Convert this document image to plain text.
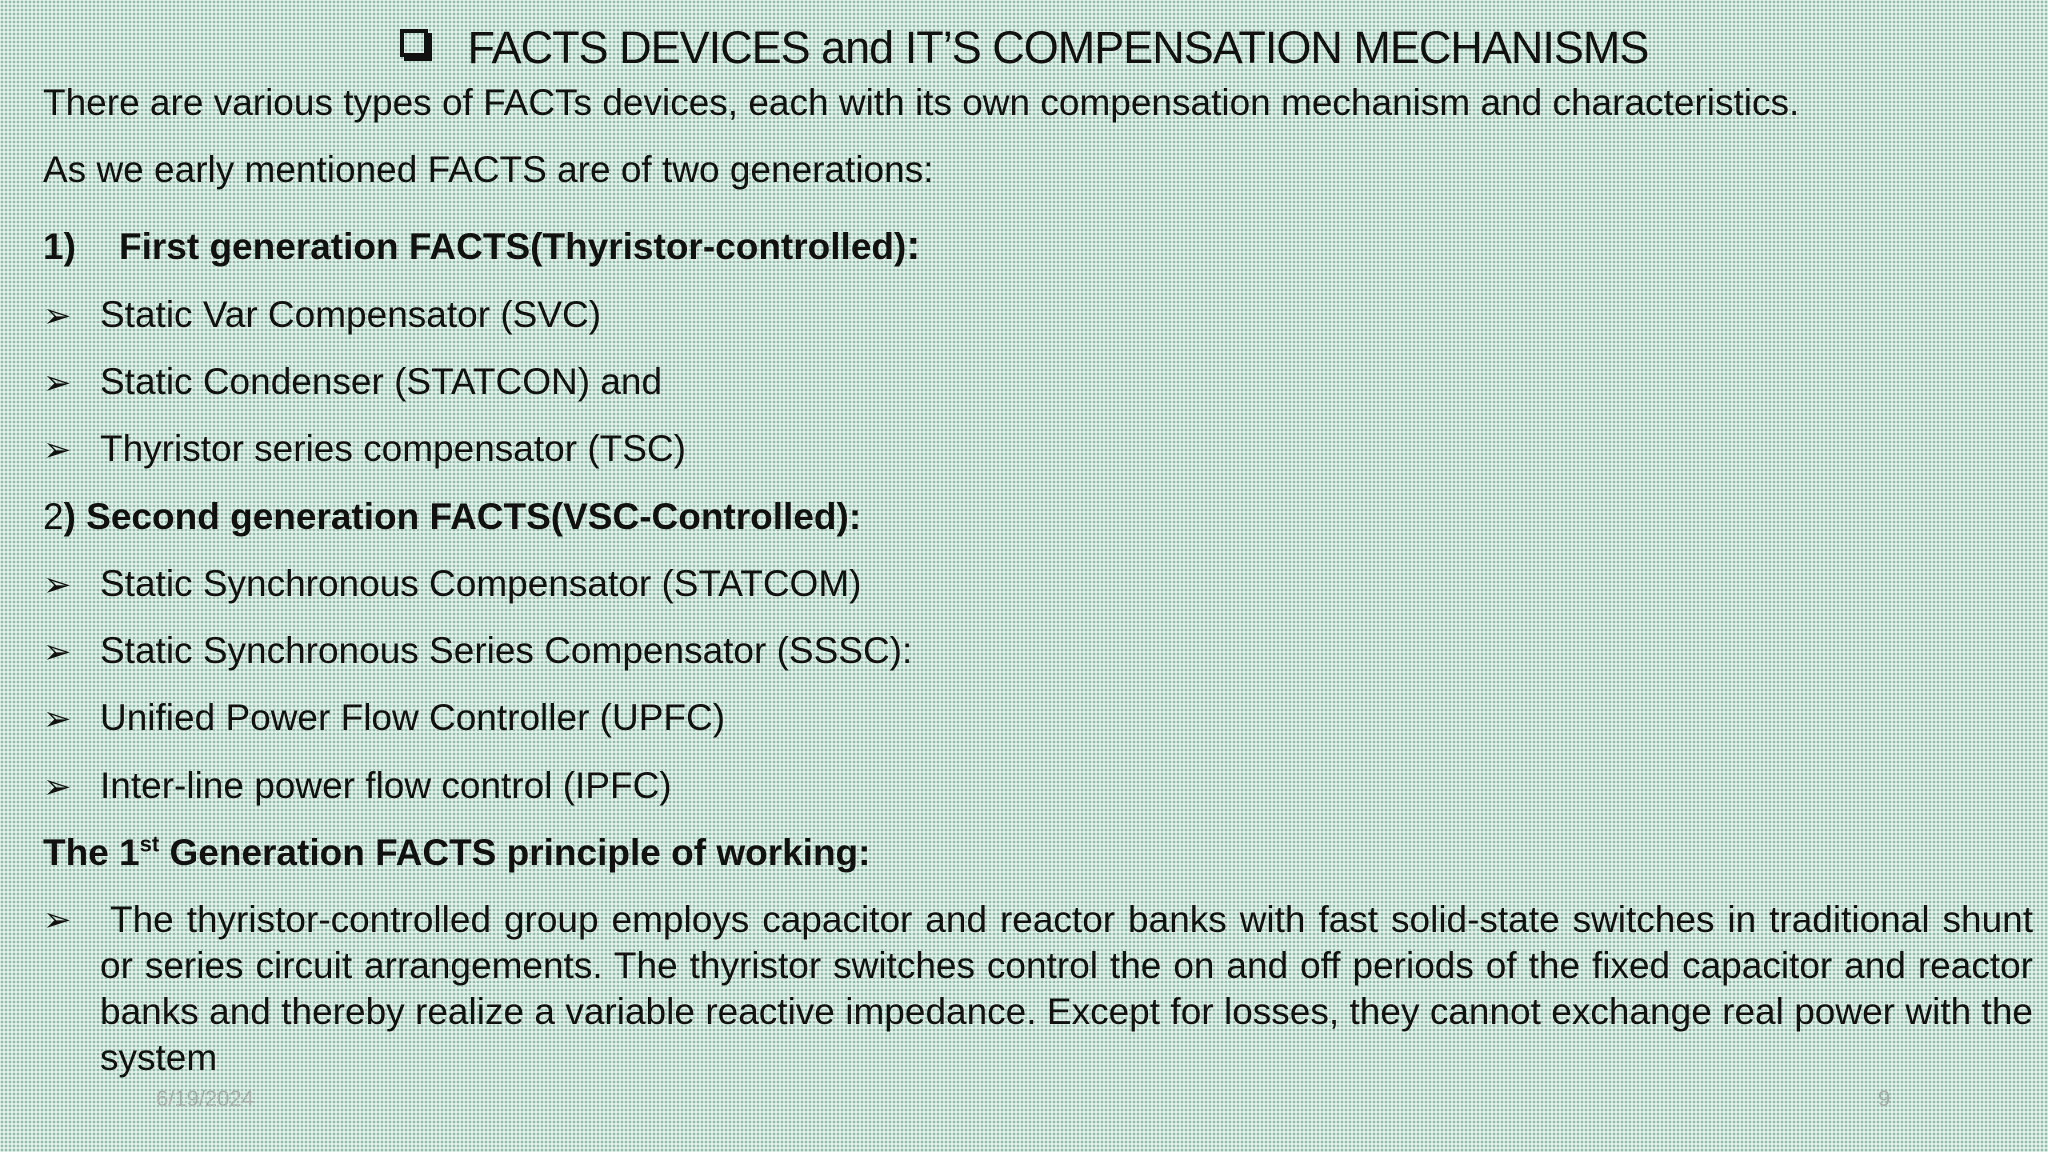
FACTS DEVICES and IT’S COMPENSATION MECHANISMS
There are various types of FACTs devices, each with its own compensation mechanism and characteristics.
As we early mentioned FACTS are of two generations:
1) First generation FACTS(Thyristor-controlled):
➢ Static Var Compensator (SVC)
➢ Static Condenser (STATCON) and
➢ Thyristor series compensator (TSC)
2) Second generation FACTS(VSC-Controlled):
➢ Static Synchronous Compensator (STATCOM)
➢ Static Synchronous Series Compensator (SSSC):
➢ Unified Power Flow Controller (UPFC)
➢ Inter-line power flow control (IPFC)
The 1st Generation FACTS principle of working:
➢ The thyristor-controlled group employs capacitor and reactor banks with fast solid-state switches in traditional shunt or series circuit arrangements. The thyristor switches control the on and off periods of the fixed capacitor and reactor banks and thereby realize a variable reactive impedance. Except for losses, they cannot exchange real power with the system
6/19/2024	9
